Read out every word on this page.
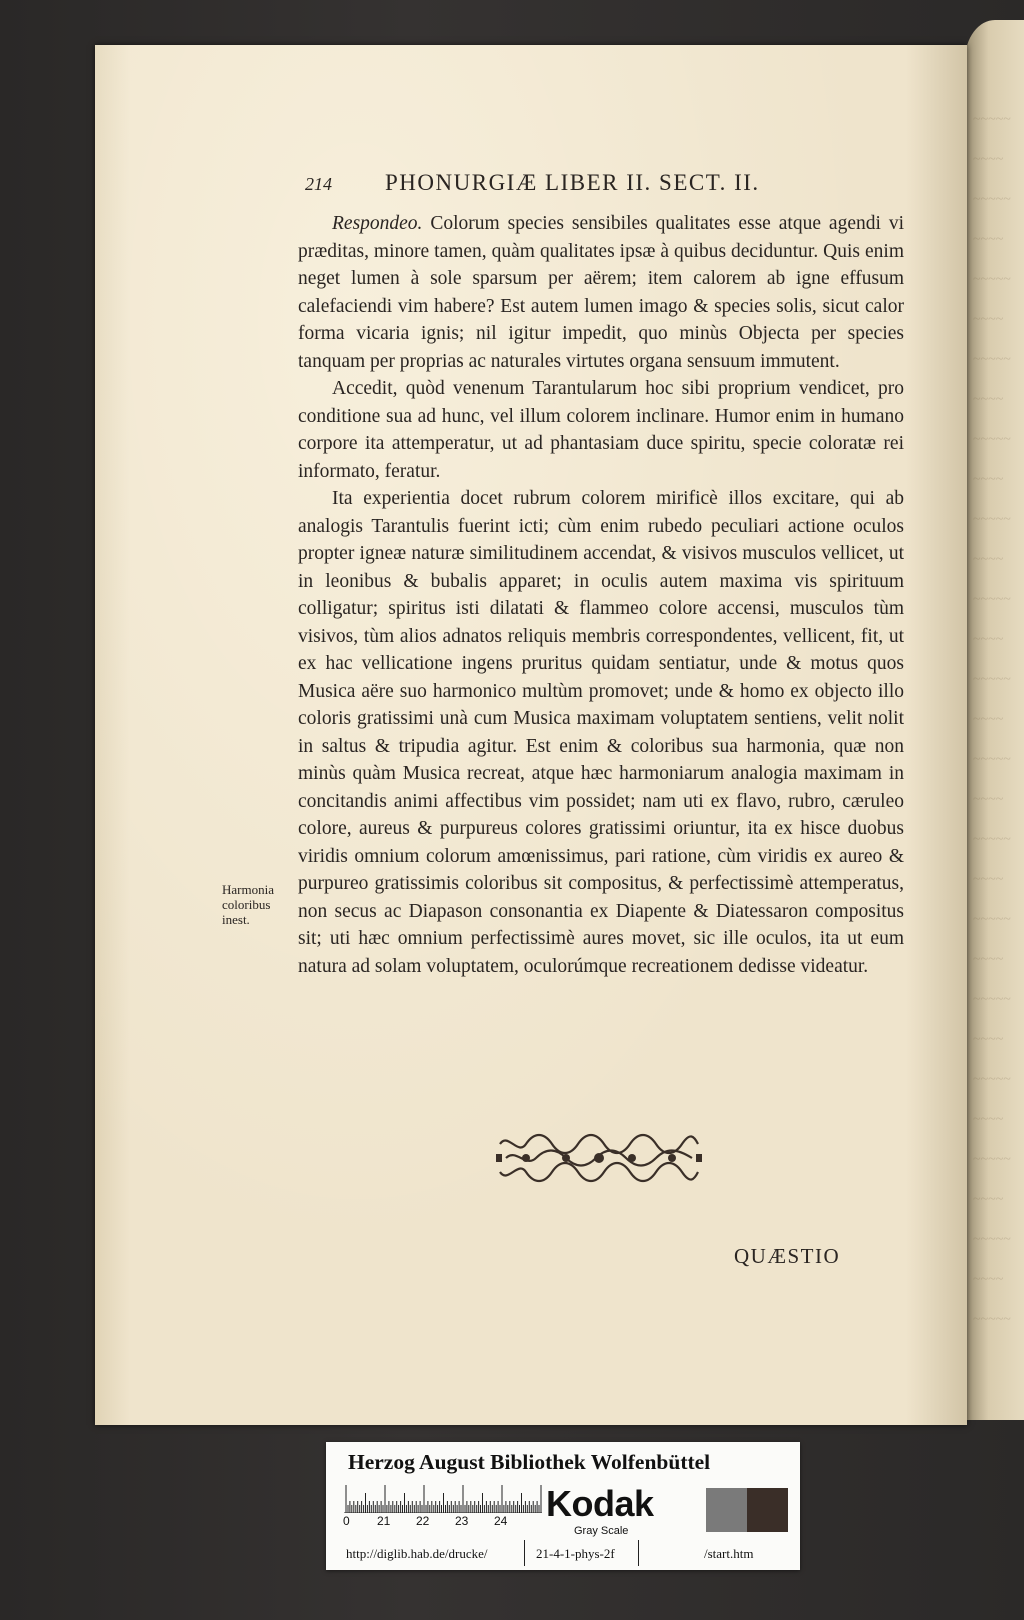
~~~~~
~~~~
~~~~~
~~~~
~~~~~
~~~~
~~~~~
~~~~
~~~~~
~~~~
~~~~~
~~~~
~~~~~
~~~~
~~~~~
~~~~
~~~~~
~~~~
~~~~~
~~~~
~~~~~
~~~~
~~~~~
~~~~
~~~~~
~~~~
~~~~~
~~~~
~~~~~
~~~~
~~~~~
214 PHONURGIÆ LIBER II. SECT. II.

Respondeo. Colorum species sensibiles qualitates esse atque agendi vi præditas, minore tamen, quàm qualitates ipsæ à quibus deciduntur. Quis enim neget lumen à sole sparsum per aërem; item calorem ab igne effusum calefaciendi vim habere? Est autem lumen imago & species solis, sicut calor forma vicaria ignis; nil igitur impedit, quo minùs Objecta per species tanquam per proprias ac naturales virtutes organa sensuum immutent.

Accedit, quòd venenum Tarantularum hoc sibi proprium vendicet, pro conditione sua ad hunc, vel illum colorem inclinare. Humor enim in humano corpore ita attemperatur, ut ad phantasiam duce spiritu, specie coloratæ rei informato, feratur.

Ita experientia docet rubrum colorem mirificè illos excitare, qui ab analogis Tarantulis fuerint icti; cùm enim rubedo peculiari actione oculos propter igneæ naturæ similitudinem accendat, & visivos musculos vellicet, ut in leonibus & bubalis apparet; in oculis autem maxima vis spirituum colligatur; spiritus isti dilatati & flammeo colore accensi, musculos tùm visivos, tùm alios adnatos reliquis membris correspondentes, vellicent, fit, ut ex hac vellicatione ingens pruritus quidam sentiatur, unde & motus quos Musica aëre suo harmonico multùm promovet; unde & homo ex objecto illo coloris gratissimi unà cum Musica maximam voluptatem sentiens, velit nolit in saltus & tripudia agitur. Est enim & coloribus sua harmonia, quæ non minùs quàm Musica recreat, atque hæc harmoniarum analogia maximam in concitandis animi affectibus vim possidet; nam uti ex flavo, rubro, cæruleo colore, aureus & purpureus colores gratissimi oriuntur, ita ex hisce duobus viridis omnium colorum amœnissimus, pari ratione, cùm viridis ex aureo & purpureo gratissimis coloribus sit compositus, & perfectissimè attemperatus, non secus ac Diapason consonantia ex Diapente & Diatessaron compositus sit; uti hæc omnium perfectissimè aures movet, sic ille oculos, ita ut eum natura ad solam voluptatem, oculorúmque recreationem dedisse videatur.

Harmonia
coloribus
inest.
QUÆSTIO
Herzog August Bibliothek Wolfenbüttel
0 21 22 23 24 Kodak
Gray Scale
http://diglib.hab.de/drucke/	21-4-1-phys-2f	/start.htm
